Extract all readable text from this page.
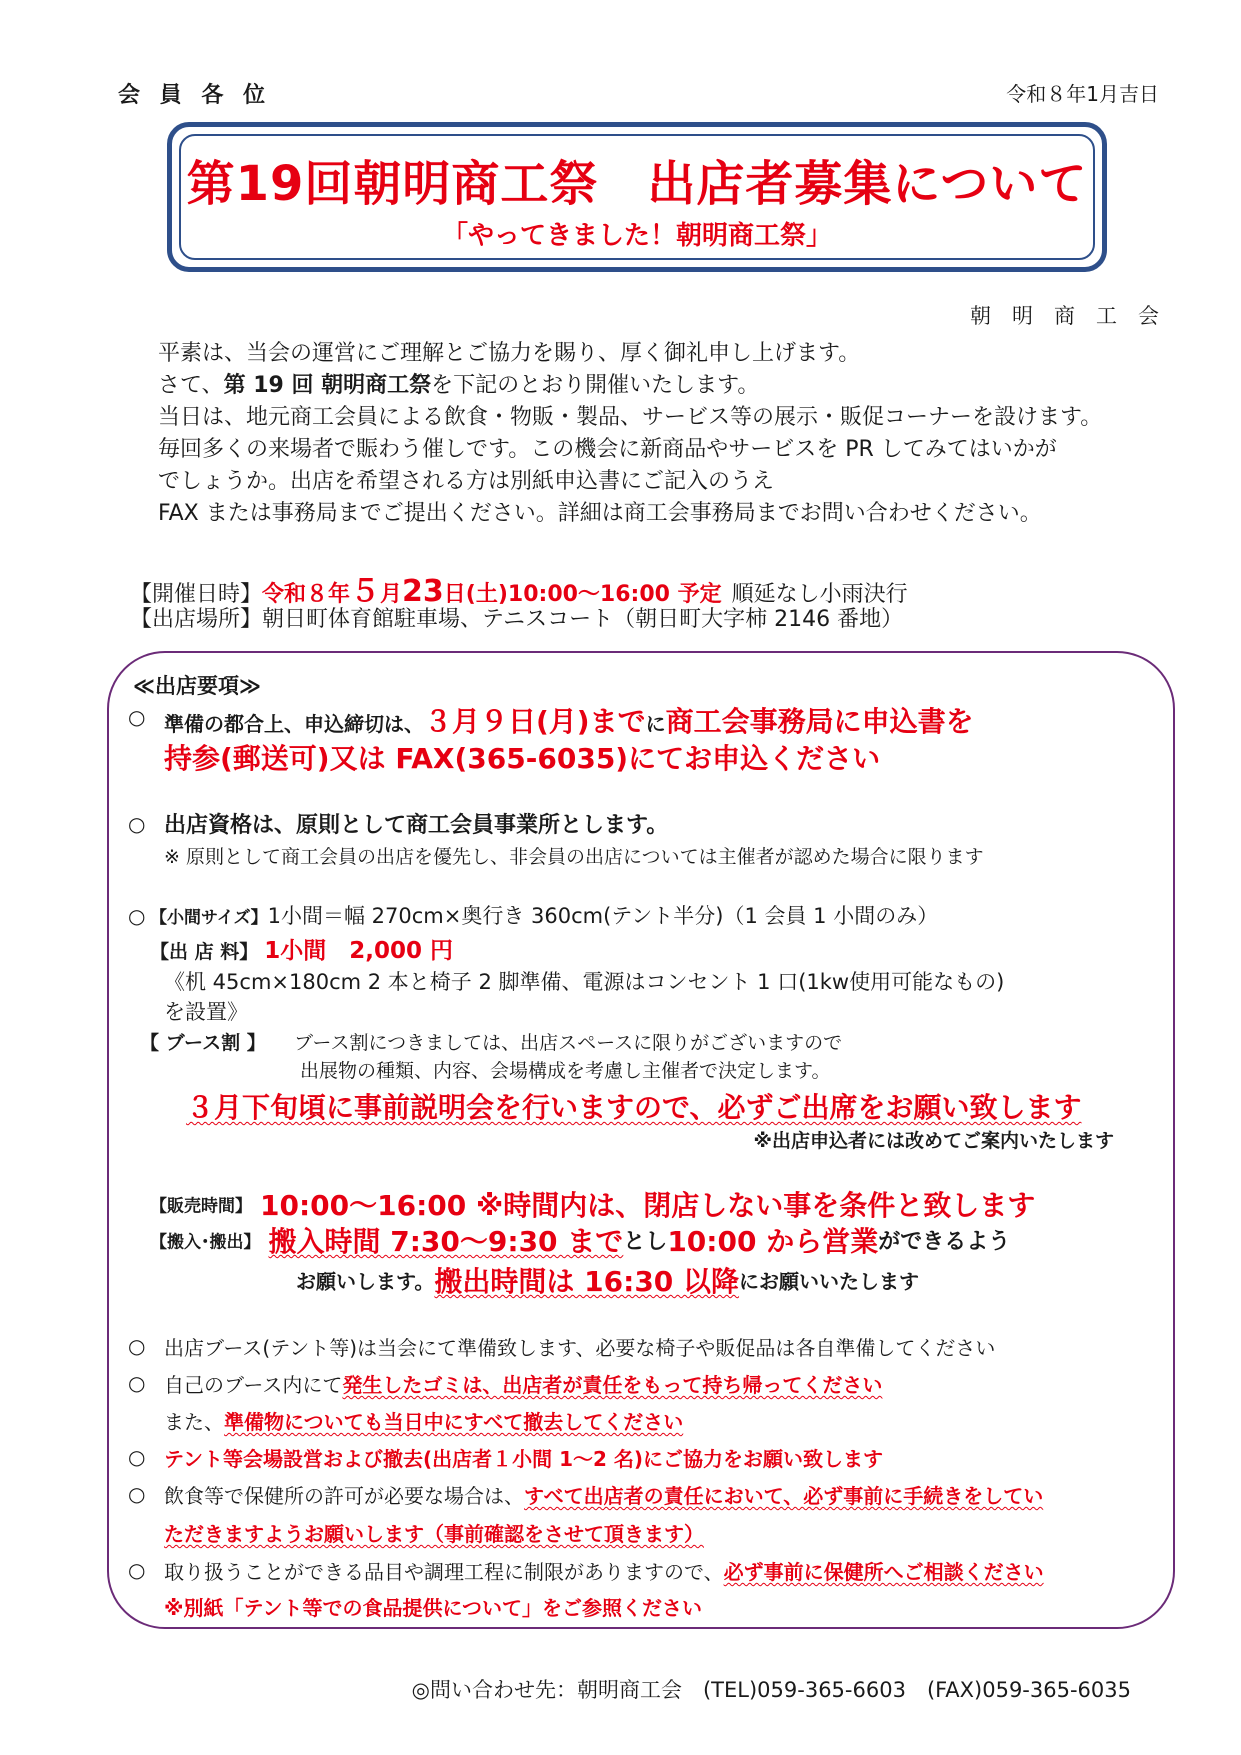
会 員 各 位	令和８年1月吉日
第19回朝明商工祭　出店者募集について
｢やってきました！朝明商工祭｣
朝　明　商　工　会
平素は、当会の運営にご理解とご協力を賜り、厚く御礼申し上げます。
さて、第 19 回 朝明商工祭を下記のとおり開催いたします。
当日は、地元商工会員による飲食・物販・製品、サービス等の展示・販促コーナーを設けます。
毎回多くの来場者で賑わう催しです。この機会に新商品やサービスを PR してみてはいかが
でしょうか。出店を希望される方は別紙申込書にご記入のうえ
FAX または事務局までご提出ください。詳細は商工会事務局までお問い合わせください。
【開催日時】令和８年５月23日(土)10:00～16:00 予定 順延なし小雨決行
【出店場所】朝日町体育館駐車場、テニスコート（朝日町大字柿 2146 番地）
≪出店要項≫
○ 準備の都合上、申込締切は、３月９日(月)までに商工会事務局に申込書を
持参(郵送可)又は FAX(365-6035)にてお申込ください
○ 出店資格は、原則として商工会員事業所とします。
※ 原則として商工会員の出店を優先し、非会員の出店については主催者が認めた場合に限ります
○ 【小間サイズ】1小間＝幅 270cm×奥行き 360cm(テント半分)（1 会員 1 小間のみ）
【出 店 料】 1小間　2,000 円
《机 45cm×180cm 2 本と椅子 2 脚準備、電源はコンセント 1 口(1kw使用可能なもの)
を設置》
【 ブース割 】 ブース割につきましては、出店スペースに限りがございますので
出展物の種類、内容、会場構成を考慮し主催者で決定します。
３月下旬頃に事前説明会を行いますので、必ずご出席をお願い致します
※出店申込者には改めてご案内いたします
【販売時間】 10:00～16:00 ※時間内は、閉店しない事を条件と致します
【搬入･搬出】 搬入時間 7:30～9:30 までとし10:00 から営業ができるよう
お願いします。搬出時間は 16:30 以降にお願いいたします
○ 出店ブース(テント等)は当会にて準備致します、必要な椅子や販促品は各自準備してください
○ 自己のブース内にて発生したゴミは、出店者が責任をもって持ち帰ってください
また、準備物についても当日中にすべて撤去してください
○ テント等会場設営および撤去(出店者１小間 1～2 名)にご協力をお願い致します
○ 飲食等で保健所の許可が必要な場合は、すべて出店者の責任において、必ず事前に手続きをしてい
ただきますようお願いします（事前確認をさせて頂きます）
○ 取り扱うことができる品目や調理工程に制限がありますので、必ず事前に保健所へご相談ください
※別紙「テント等での食品提供について」をご参照ください
◎問い合わせ先：朝明商工会　(TEL)059-365-6603　(FAX)059-365-6035
